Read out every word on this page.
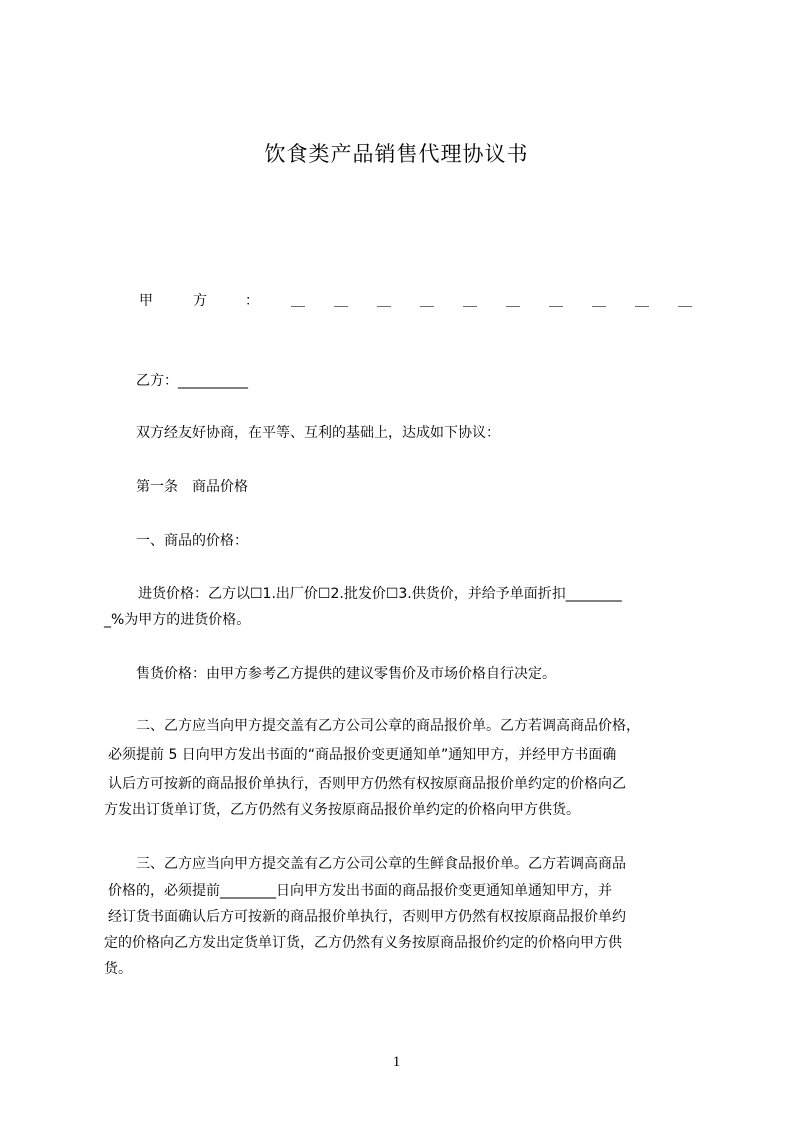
饮食类产品销售代理协议书
甲	方	： ＿＿＿＿＿＿＿＿＿＿
乙方：__________
双方经友好协商，在平等、互利的基础上，达成如下协议：
第一条　商品价格
一、商品的价格：
进货价格：乙方以☐1.出厂价☐2.批发价☐3.供货价，并给予单面折扣________
_%为甲方的进货价格。
售货价格：由甲方参考乙方提供的建议零售价及市场价格自行决定。
二、乙方应当向甲方提交盖有乙方公司公章的商品报价单。乙方若调高商品价格，
必须提前 5 日向甲方发出书面的“商品报价变更通知单”通知甲方，并经甲方书面确
认后方可按新的商品报价单执行，否则甲方仍然有权按原商品报价单约定的价格向乙
方发出订货单订货，乙方仍然有义务按原商品报价单约定的价格向甲方供货。
三、乙方应当向甲方提交盖有乙方公司公章的生鲜食品报价单。乙方若调高商品
价格的，必须提前________日向甲方发出书面的商品报价变更通知单通知甲方，并
经订货书面确认后方可按新的商品报价单执行，否则甲方仍然有权按原商品报价单约
定的价格向乙方发出定货单订货，乙方仍然有义务按原商品报价约定的价格向甲方供
货。
1
